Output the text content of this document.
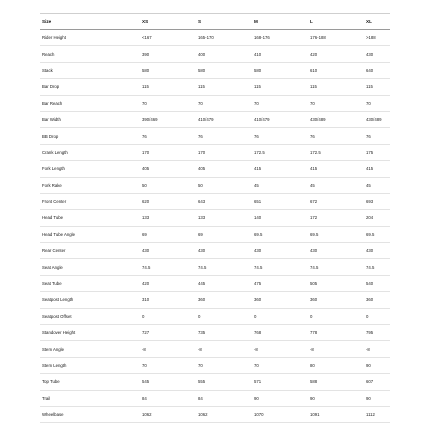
Size	XS	S	M	L	XL
Rider Height	<167	165-170	168-176	176-188	>188
Reach	390	400	410	420	430
Stack	580	580	580	610	640
Bar Drop	115	115	115	115	115
Bar Reach	70	70	70	70	70
Bar Width	390/469	410/479	410/479	430/489	430/489
BB Drop	76	76	76	76	76
Crank Length	170	170	172.5	172.5	175
Fork Length	405	405	415	415	415
Fork Rake	50	50	45	45	45
Front Center	620	643	651	672	693
Head Tube	133	133	140	172	204
Head Tube Angle	69	69	69.5	69.5	69.5
Rear Center	430	430	430	430	430
Seat Angle	74.5	74.5	74.5	74.5	74.5
Seat Tube	420	445	475	505	540
Seatpost Length	310	360	360	360	360
Seatpost Offset	0	0	0	0	0
Standover Height	727	735	768	778	795
Stem Angle	-8	-8	-8	-8	-8
Stem Length	70	70	70	80	90
Top Tube	545	555	571	588	607
Trail	84	84	90	90	90
Wheelbase	1062	1062	1070	1091	1112
